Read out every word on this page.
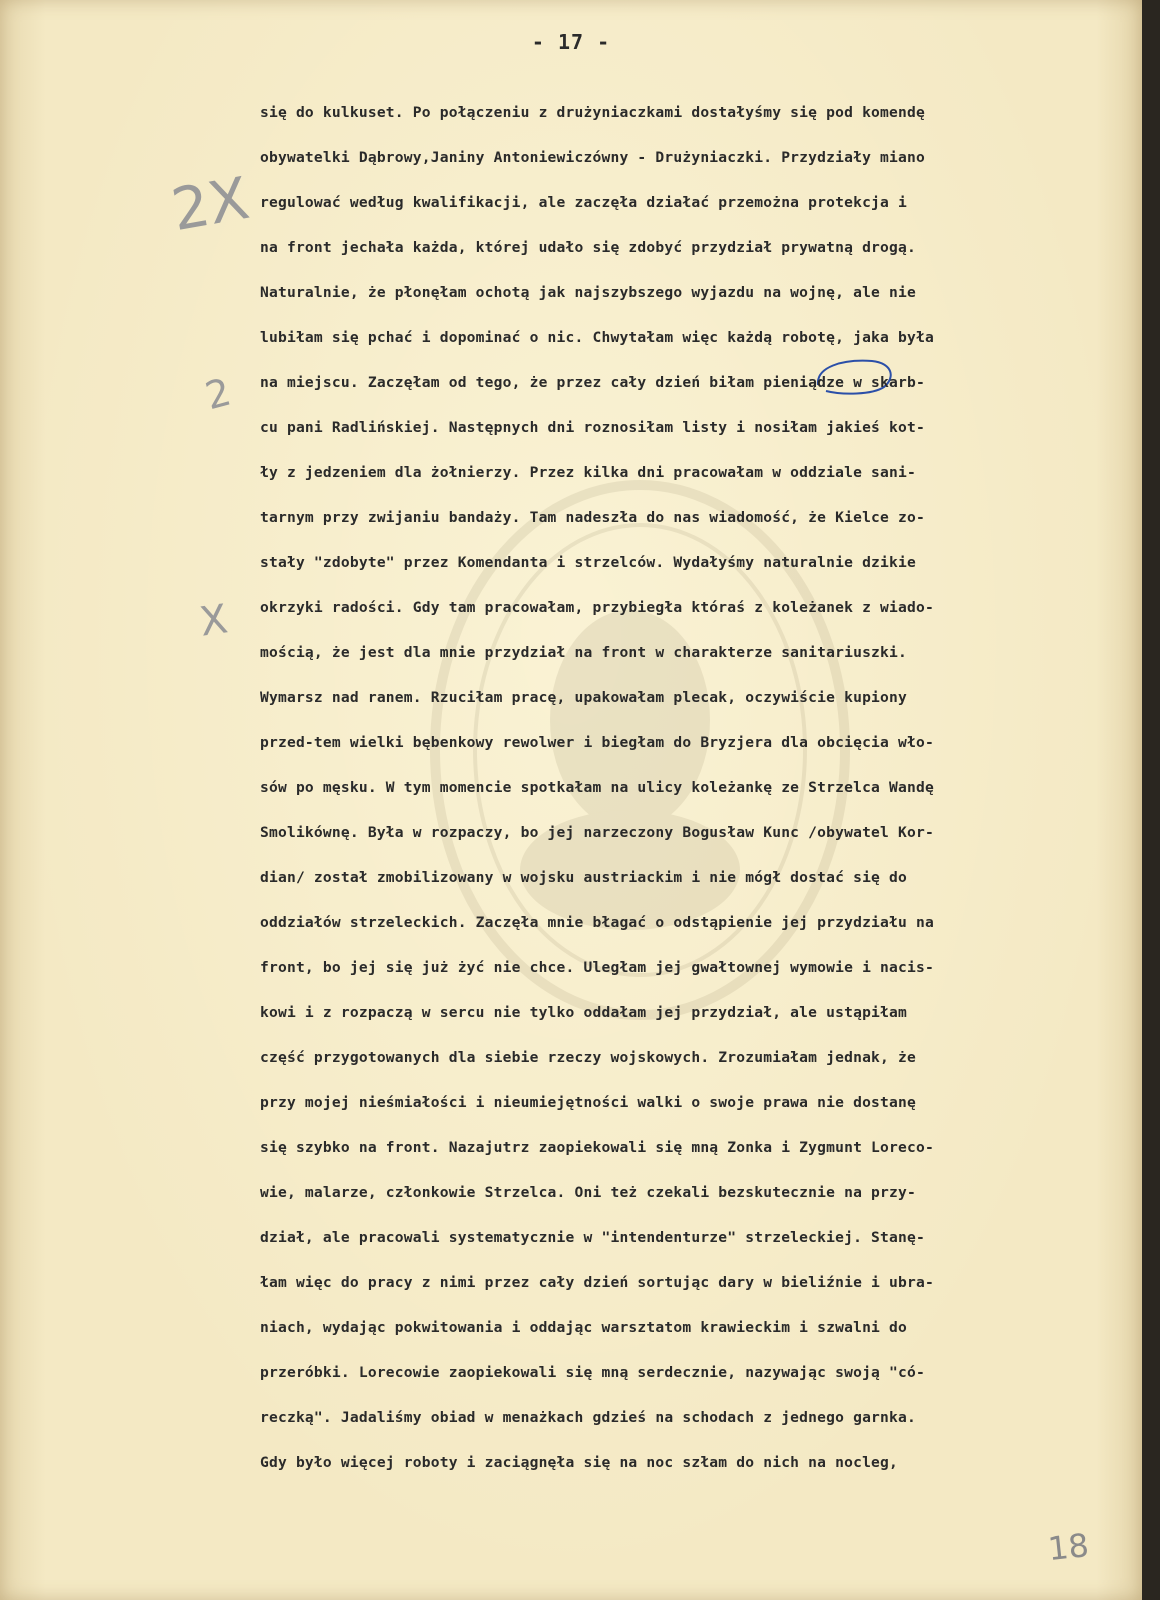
- 17 -
2X
2
X
się do kulkuset. Po połączeniu z drużyniaczkami dostałyśmy się pod komendę
obywatelki Dąbrowy,Janiny Antoniewiczówny - Drużyniaczki. Przydziały miano
regulować według kwalifikacji, ale zaczęła działać przemożna protekcja i
na front jechała każda, której udało się zdobyć przydział prywatną drogą.
Naturalnie, że płonęłam ochotą jak najszybszego wyjazdu na wojnę, ale nie
lubiłam się pchać i dopominać o nic. Chwytałam więc każdą robotę, jaka była
na miejscu. Zaczęłam od tego, że przez cały dzień biłam pieniądze w skarb-
cu pani Radlińskiej. Następnych dni roznosiłam listy i nosiłam jakieś kot-
ły z jedzeniem dla żołnierzy. Przez kilka dni pracowałam w oddziale sani-
tarnym przy zwijaniu bandaży. Tam nadeszła do nas wiadomość, że Kielce zo-
stały "zdobyte" przez Komendanta i strzelców. Wydałyśmy naturalnie dzikie
okrzyki radości. Gdy tam pracowałam, przybiegła któraś z koleżanek z wiado-
mością, że jest dla mnie przydział na front w charakterze sanitariuszki.
Wymarsz nad ranem. Rzuciłam pracę, upakowałam plecak, oczywiście kupiony
przed-tem wielki bębenkowy rewolwer i biegłam do Bryzjera dla obcięcia wło-
sów po męsku. W tym momencie spotkałam na ulicy koleżankę ze Strzelca Wandę
Smolikównę. Była w rozpaczy, bo jej narzeczony Bogusław Kunc /obywatel Kor-
dian/ został zmobilizowany w wojsku austriackim i nie mógł dostać się do
oddziałów strzeleckich. Zaczęła mnie błagać o odstąpienie jej przydziału na
front, bo jej się już żyć nie chce. Uległam jej gwałtownej wymowie i nacis-
kowi i z rozpaczą w sercu nie tylko oddałam jej przydział, ale ustąpiłam
część przygotowanych dla siebie rzeczy wojskowych. Zrozumiałam jednak, że
przy mojej nieśmiałości i nieumiejętności walki o swoje prawa nie dostanę
się szybko na front. Nazajutrz zaopiekowali się mną Zonka i Zygmunt Loreco-
wie, malarze, członkowie Strzelca. Oni też czekali bezskutecznie na przy-
dział, ale pracowali systematycznie w "intendenturze" strzeleckiej. Stanę-
łam więc do pracy z nimi przez cały dzień sortując dary w bieliźnie i ubra-
niach, wydając pokwitowania i oddając warsztatom krawieckim i szwalni do
przeróbki. Lorecowie zaopiekowali się mną serdecznie, nazywając swoją "có-
reczką". Jadaliśmy obiad w menażkach gdzieś na schodach z jednego garnka.
Gdy było więcej roboty i zaciągnęła się na noc szłam do nich na nocleg,
18
